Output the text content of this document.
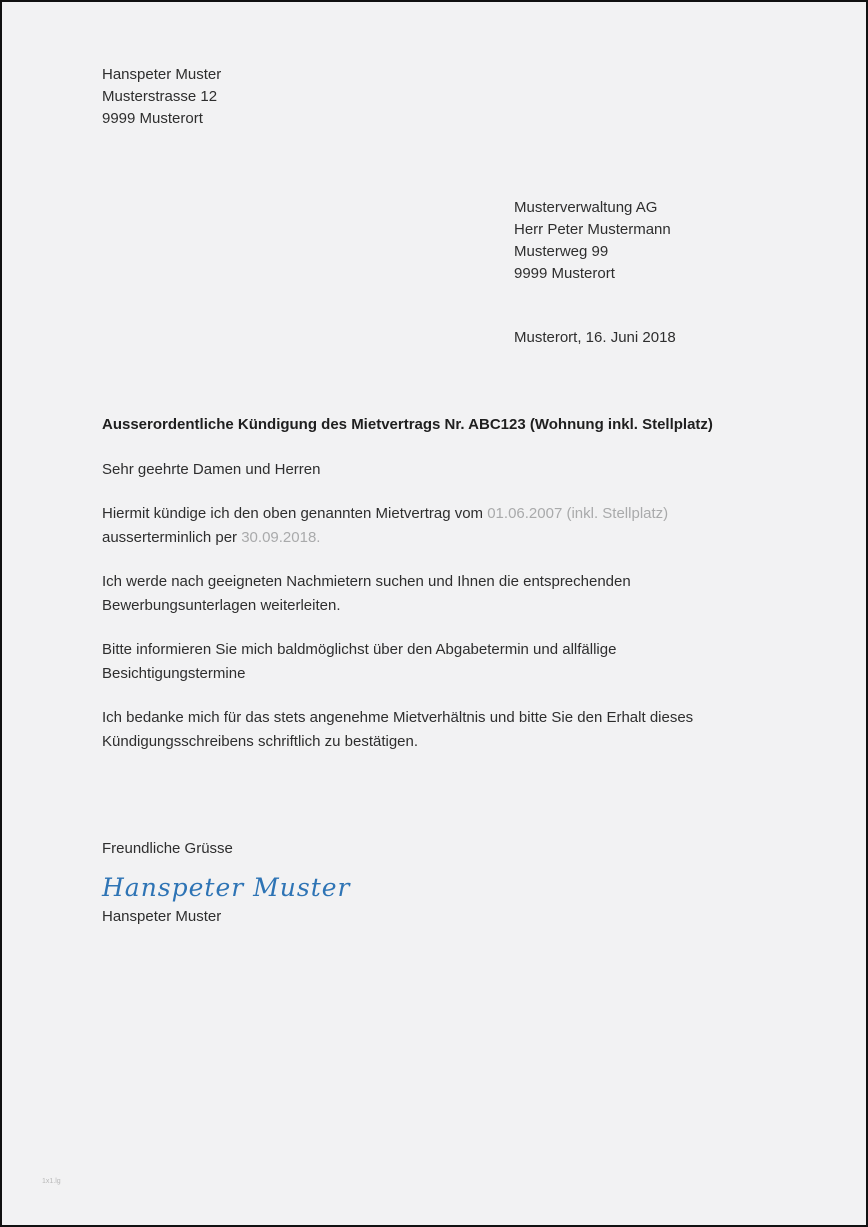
Hanspeter Muster
Musterstrasse 12
9999 Musterort
Musterverwaltung AG
Herr Peter Mustermann
Musterweg 99
9999 Musterort
Musterort, 16. Juni 2018
Ausserordentliche Kündigung des Mietvertrags Nr. ABC123 (Wohnung inkl. Stellplatz)
Sehr geehrte Damen und Herren

Hiermit kündige ich den oben genannten Mietvertrag vom 01.06.2007 (inkl. Stellplatz) ausserterminlich per 30.09.2018.

Ich werde nach geeigneten Nachmietern suchen und Ihnen die entsprechenden Bewerbungsunterlagen weiterleiten.

Bitte informieren Sie mich baldmöglichst über den Abgabetermin und allfällige Besichtigungstermine

Ich bedanke mich für das stets angenehme Mietverhältnis und bitte Sie den Erhalt dieses Kündigungsschreibens schriftlich zu bestätigen.

Freundliche Grüsse
Hanspeter Muster
Hanspeter Muster
1x1.lg
